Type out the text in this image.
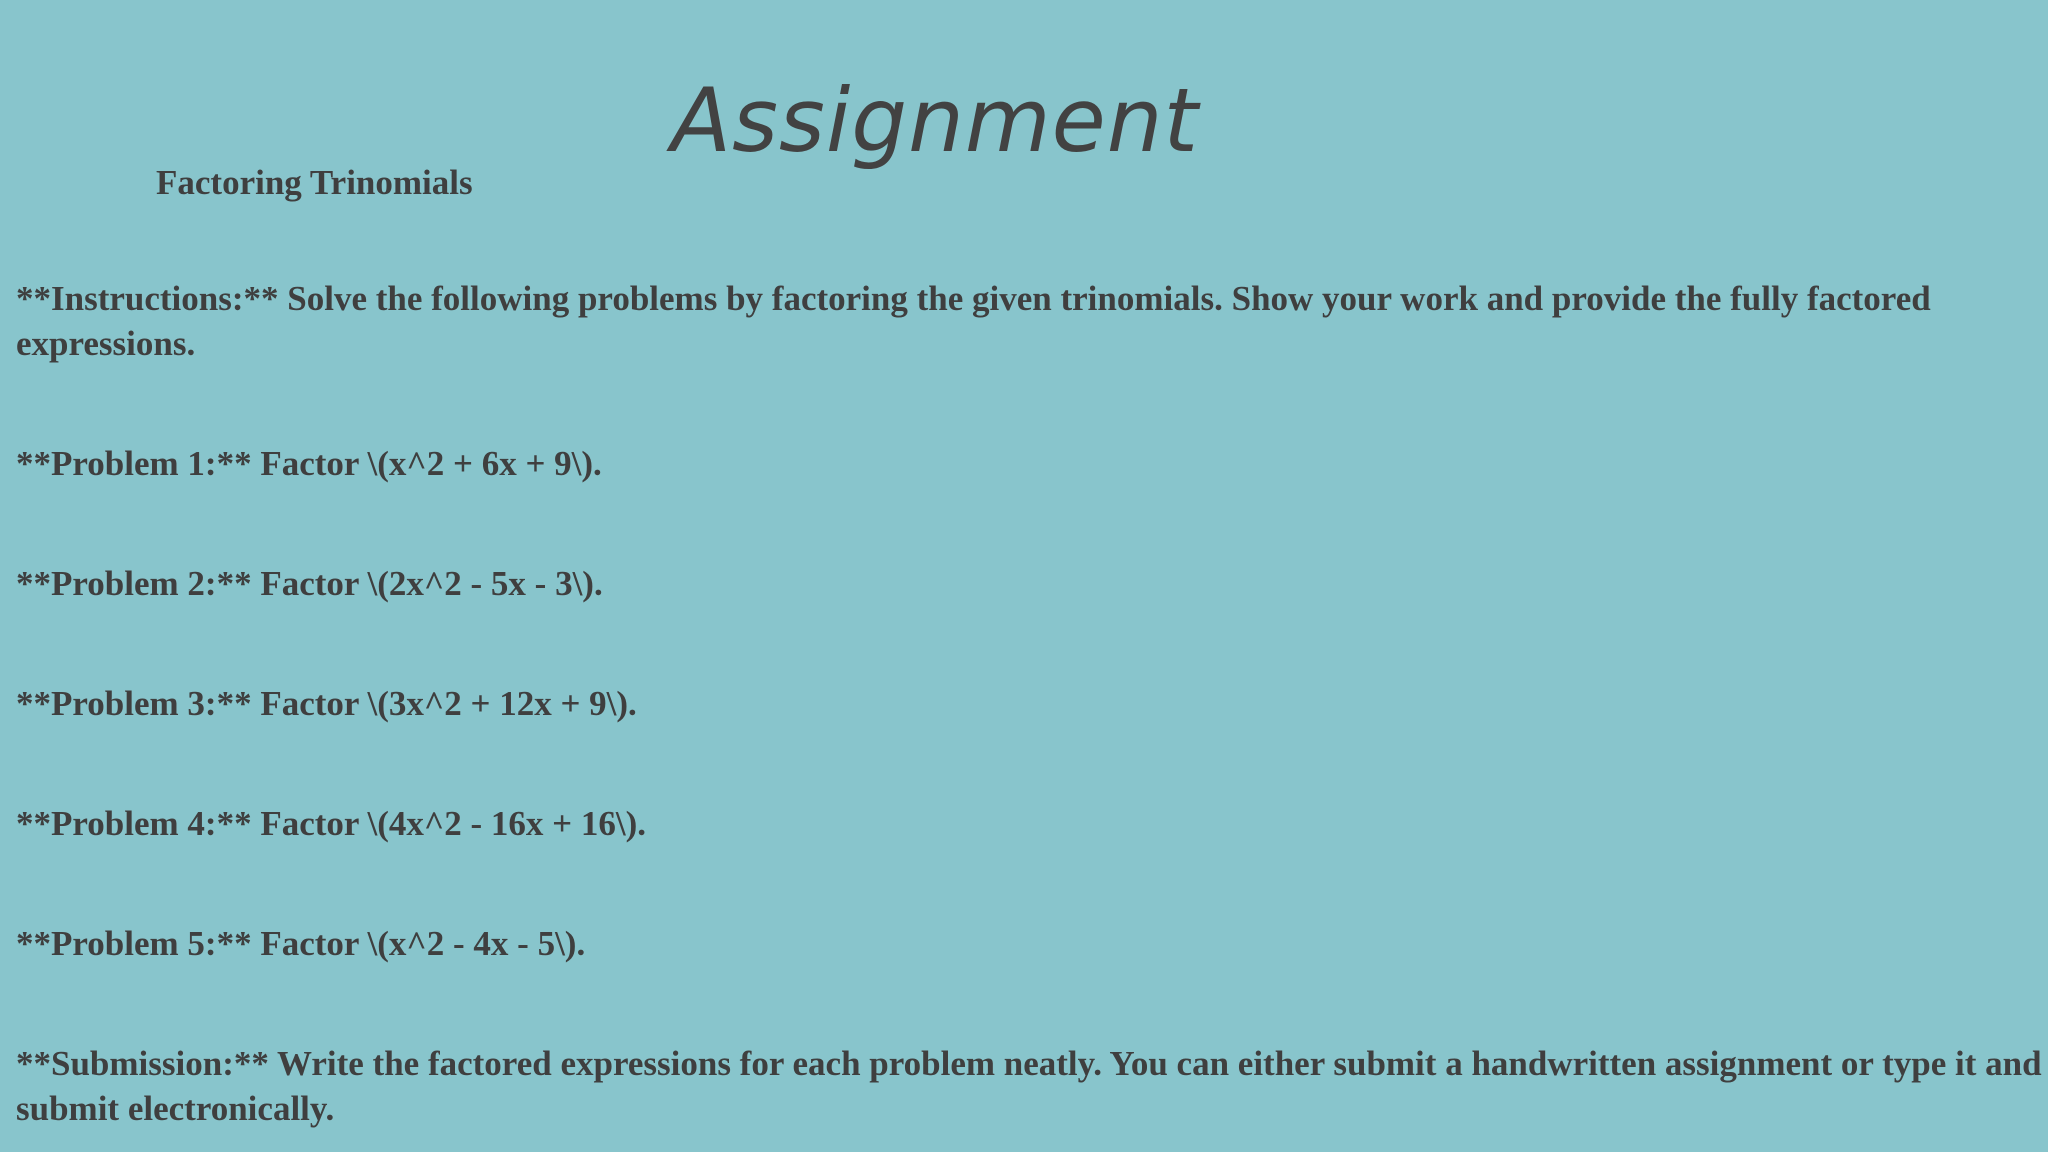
Assignment
Factoring Trinomials

**Instructions:** Solve the following problems by factoring the given trinomials. Show your work and provide the fully factored expressions.

**Problem 1:** Factor \(x^2 + 6x + 9\).

**Problem 2:** Factor \(2x^2 - 5x - 3\).

**Problem 3:** Factor \(3x^2 + 12x + 9\).

**Problem 4:** Factor \(4x^2 - 16x + 16\).

**Problem 5:** Factor \(x^2 - 4x - 5\).

**Submission:** Write the factored expressions for each problem neatly. You can either submit a handwritten assignment or type it and submit electronically.
